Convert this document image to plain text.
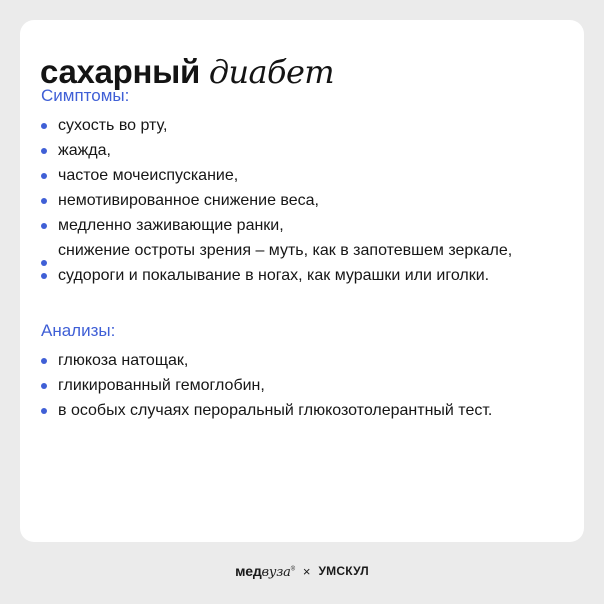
сахарный диабет
Симптомы:
сухость во рту,
жажда,
частое мочеиспускание,
немотивированное снижение веса,
медленно заживающие ранки,
снижение остроты зрения – муть, как в запотевшем зеркале,
судороги и покалывание в ногах, как мурашки или иголки.
Анализы:
глюкоза натощак,
гликированный гемоглобин,
в особых случаях пероральный глюкозотолерантный тест.
медвуза® × УМСКУЛ
